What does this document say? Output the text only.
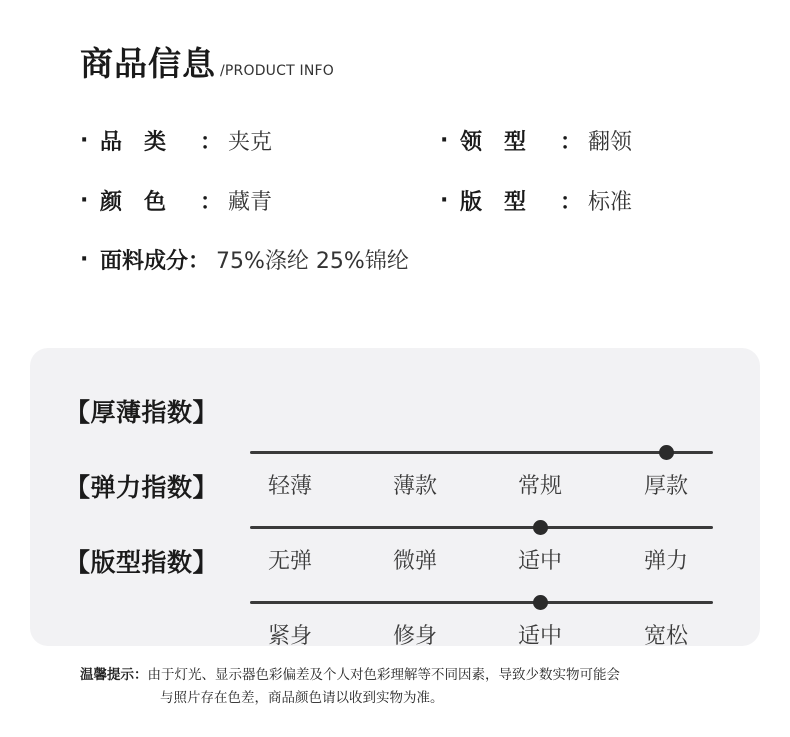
商品信息 /PRODUCT INFO
· 品　类	： 夹克	· 领　型	： 翻领
· 颜　色	： 藏青	· 版　型	： 标准
· 面料成分 ： 75%涤纶 25%锦纶
【厚薄指数】
轻薄	薄款	常规	厚款
【弹力指数】
无弹	微弹	适中	弹力
【版型指数】
紧身	修身	适中	宽松
温馨提示：由于灯光、显示器色彩偏差及个人对色彩理解等不同因素，导致少数实物可能会
与照片存在色差，商品颜色请以收到实物为准。
